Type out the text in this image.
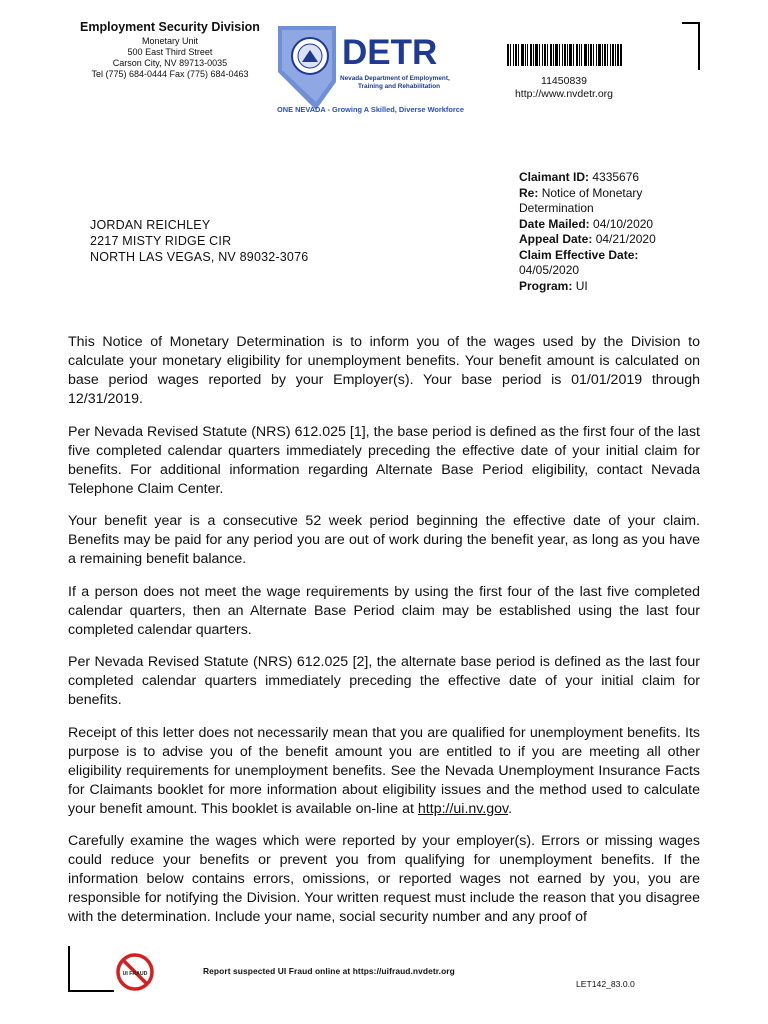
Employment Security Division
Monetary Unit
500 East Third Street
Carson City, NV 89713-0035
Tel (775) 684-0444 Fax (775) 684-0463
DETR
Nevada Department of Employment,
Training and Rehabilitation
ONE NEVADA - Growing A Skilled, Diverse Workforce
11450839
http://www.nvdetr.org
JORDAN REICHLEY
2217 MISTY RIDGE CIR
NORTH LAS VEGAS, NV 89032-3076
Claimant ID: 4335676
Re: Notice of Monetary Determination
Date Mailed: 04/10/2020
Appeal Date: 04/21/2020
Claim Effective Date:
04/05/2020
Program: UI

This Notice of Monetary Determination is to inform you of the wages used by the Division to calculate your monetary eligibility for unemployment benefits. Your benefit amount is calculated on base period wages reported by your Employer(s). Your base period is 01/01/2019 through 12/31/2019.

Per Nevada Revised Statute (NRS) 612.025 [1], the base period is defined as the first four of the last five completed calendar quarters immediately preceding the effective date of your initial claim for benefits. For additional information regarding Alternate Base Period eligibility, contact Nevada Telephone Claim Center.

Your benefit year is a consecutive 52 week period beginning the effective date of your claim. Benefits may be paid for any period you are out of work during the benefit year, as long as you have a remaining benefit balance.

If a person does not meet the wage requirements by using the first four of the last five completed calendar quarters, then an Alternate Base Period claim may be established using the last four completed calendar quarters.

Per Nevada Revised Statute (NRS) 612.025 [2], the alternate base period is defined as the last four completed calendar quarters immediately preceding the effective date of your initial claim for benefits.

Receipt of this letter does not necessarily mean that you are qualified for unemployment benefits. Its purpose is to advise you of the benefit amount you are entitled to if you are meeting all other eligibility requirements for unemployment benefits. See the Nevada Unemployment Insurance Facts for Claimants booklet for more information about eligibility issues and the method used to calculate your benefit amount. This booklet is available on-line at http://ui.nv.gov.

Carefully examine the wages which were reported by your employer(s). Errors or missing wages could reduce your benefits or prevent you from qualifying for unemployment benefits. If the information below contains errors, omissions, or reported wages not earned by you, you are responsible for notifying the Division. Your written request must include the reason that you disagree with the determination. Include your name, social security number and any proof of

UI FRAUD	Report suspected UI Fraud online at https://uifraud.nvdetr.org
LET142_83.0.0
